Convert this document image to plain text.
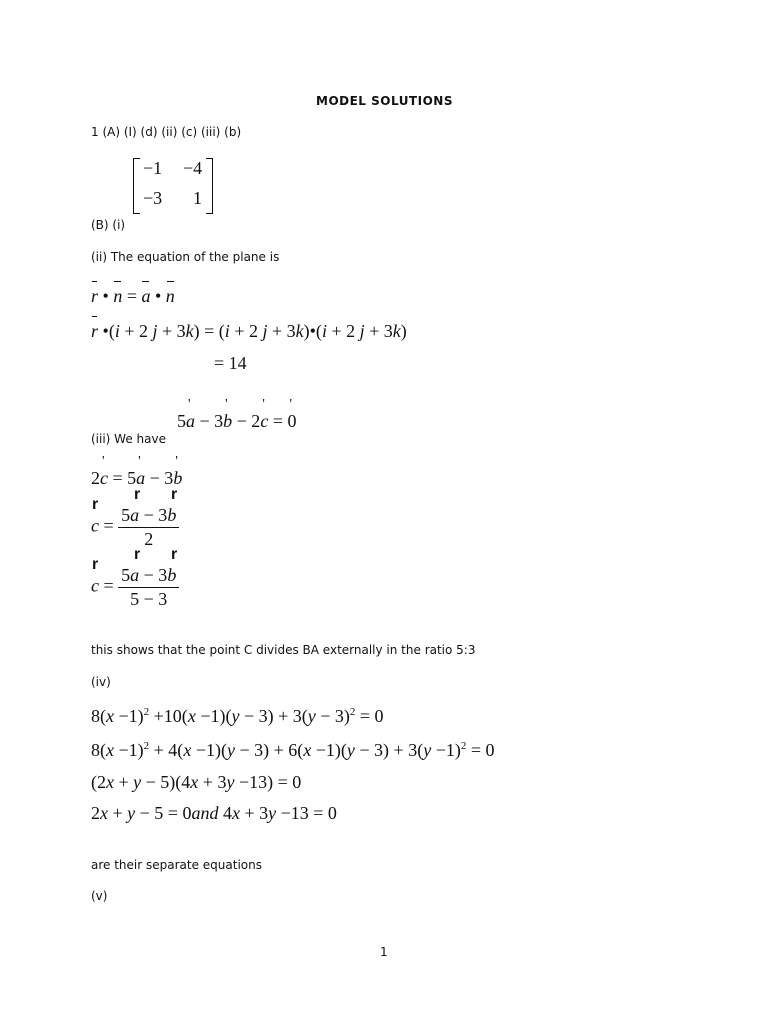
MODEL SOLUTIONS
1 (A) (I) (d) (ii) (c) (iii) (b)
−1 −4
−3 1
(B) (i)
(ii) The equation of the plane is
r • n = a • n
r •(i + 2 j + 3k) = (i + 2 j + 3k)•(i + 2 j + 3k)
= 14
5' a − 3' b − 2' c = ' 0
(iii) We have
2' c = 5' a − 3' b
r
r r
$c = \frac{5a - 3b}{2}$
r
r r
$c = \frac{5a - 3b}{5 - 3}$
this shows that the point C divides BA externally in the ratio 5:3
(iv)
$8(x -1)^2 +10(x -1)(y - 3) + 3(y - 3)^2 = 0$
$8(x -1)^2 + 4(x -1)(y - 3) + 6(x -1)(y - 3) + 3(y -1)^2 = 0$
(2x + y − 5)(4x + 3y −13) = 0
2x + y − 5 = 0and 4x + 3y −13 = 0
are their separate equations
(v)
1
